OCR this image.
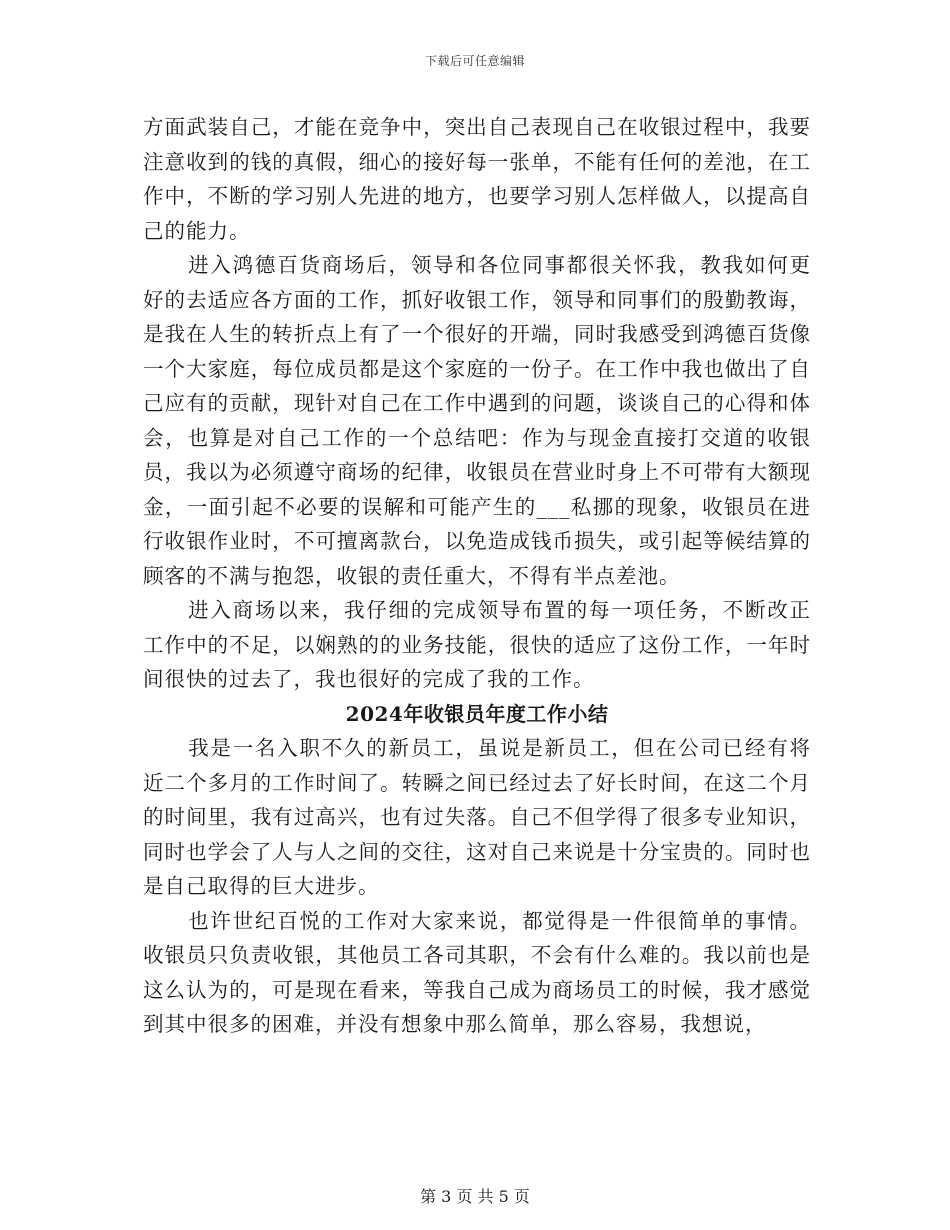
下载后可任意编辑

方面武装自己，才能在竞争中，突出自己表现自己在收银过程中，我要注意收到的钱的真假，细心的接好每一张单，不能有任何的差池，在工作中，不断的学习别人先进的地方，也要学习别人怎样做人，以提高自己的能力。

进入鸿德百货商场后，领导和各位同事都很关怀我，教我如何更好的去适应各方面的工作，抓好收银工作，领导和同事们的殷勤教诲，是我在人生的转折点上有了一个很好的开端，同时我感受到鸿德百货像一个大家庭，每位成员都是这个家庭的一份子。在工作中我也做出了自己应有的贡献，现针对自己在工作中遇到的问题，谈谈自己的心得和体会，也算是对自己工作的一个总结吧：作为与现金直接打交道的收银员，我以为必须遵守商场的纪律，收银员在营业时身上不可带有大额现金，一面引起不必要的误解和可能产生的___私挪的现象，收银员在进行收银作业时，不可擅离款台，以免造成钱币损失，或引起等候结算的顾客的不满与抱怨，收银的责任重大，不得有半点差池。

进入商场以来，我仔细的完成领导布置的每一项任务，不断改正工作中的不足，以娴熟的的业务技能，很快的适应了这份工作，一年时间很快的过去了，我也很好的完成了我的工作。

2024年收银员年度工作小结

我是一名入职不久的新员工，虽说是新员工，但在公司已经有将近二个多月的工作时间了。转瞬之间已经过去了好长时间，在这二个月的时间里，我有过高兴，也有过失落。自己不但学得了很多专业知识，同时也学会了人与人之间的交往，这对自己来说是十分宝贵的。同时也是自己取得的巨大进步。

也许世纪百悦的工作对大家来说，都觉得是一件很简单的事情。收银员只负责收银，其他员工各司其职，不会有什么难的。我以前也是这么认为的，可是现在看来，等我自己成为商场员工的时候，我才感觉到其中很多的困难，并没有想象中那么简单，那么容易，我想说，

第 3 页 共 5 页
